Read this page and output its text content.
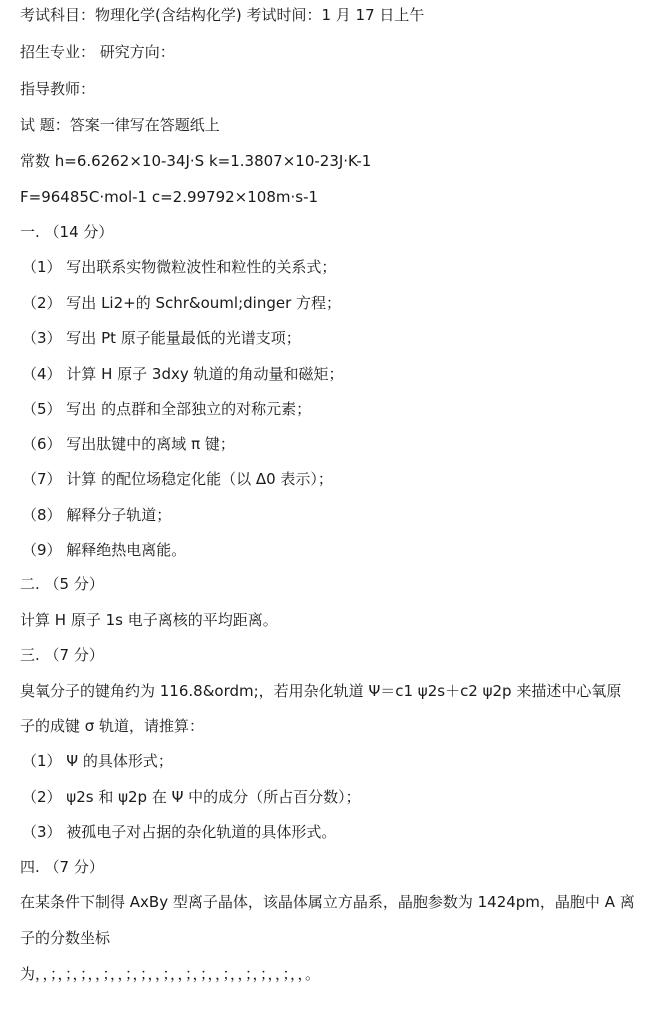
考试科目：物理化学(含结构化学) 考试时间：1 月 17 日上午
招生专业： 研究方向：
指导教师：
试 题：答案一律写在答题纸上
常数 h=6.6262×10-34J·S k=1.3807×10-23J·K-1
F=96485C·mol-1 c=2.99792×108m·s-1
一. （14 分）
（1） 写出联系实物微粒波性和粒性的关系式；
（2） 写出 Li2+的 Schr&ouml;dinger 方程；
（3） 写出 Pt 原子能量最低的光谱支项；
（4） 计算 H 原子 3dxy 轨道的角动量和磁矩；
（5） 写出 的点群和全部独立的对称元素；
（6） 写出肽键中的离域 π 键；
（7） 计算 的配位场稳定化能（以 Δ0 表示）；
（8） 解释分子轨道；
（9） 解释绝热电离能。
二. （5 分）
计算 H 原子 1s 电子离核的平均距离。
三. （7 分）
臭氧分子的键角约为 116.8&ordm;，若用杂化轨道 Ψ＝c1 ψ2s＋c2 ψ2p 来描述中心氧原
子的成键 σ 轨道，请推算：
（1） Ψ 的具体形式；
（2） ψ2s 和 ψ2p 在 Ψ 中的成分（所占百分数）；
（3） 被孤电子对占据的杂化轨道的具体形式。
四. （7 分）
在某条件下制得 AxBy 型离子晶体，该晶体属立方晶系，晶胞参数为 1424pm，晶胞中 A 离
子的分数坐标
为，，；，；，；，，；，，；，；，，；，，；，；，，；，，；，；，，；，，。
